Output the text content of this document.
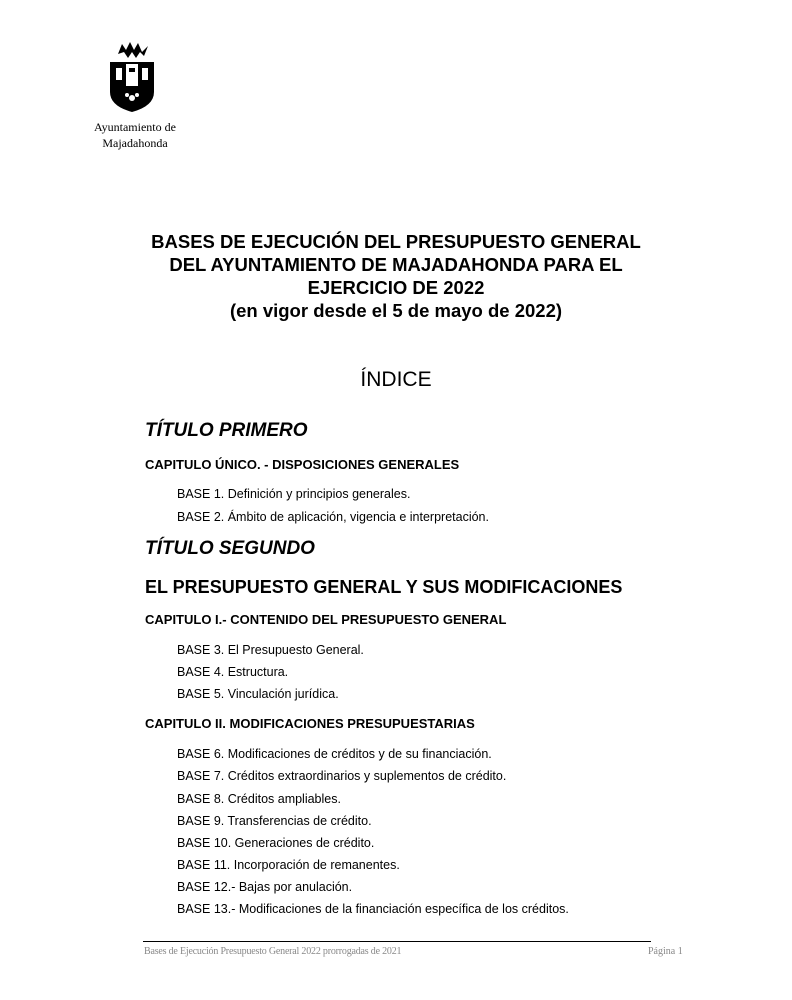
Ayuntamiento de
Majadahonda
BASES DE EJECUCIÓN DEL PRESUPUESTO GENERAL
DEL AYUNTAMIENTO DE MAJADAHONDA PARA EL
EJERCICIO DE 2022
(en vigor desde el 5 de mayo de 2022)
ÍNDICE
TÍTULO PRIMERO
CAPITULO ÚNICO. - DISPOSICIONES GENERALES
BASE 1. Definición y principios generales.
BASE 2. Ámbito de aplicación, vigencia e interpretación.
TÍTULO SEGUNDO
EL PRESUPUESTO GENERAL Y SUS MODIFICACIONES
CAPITULO I.- CONTENIDO DEL PRESUPUESTO GENERAL
BASE 3. El Presupuesto General.
BASE 4. Estructura.
BASE 5. Vinculación jurídica.
CAPITULO II. MODIFICACIONES PRESUPUESTARIAS
BASE 6. Modificaciones de créditos y de su financiación.
BASE 7. Créditos extraordinarios y suplementos de crédito.
BASE 8. Créditos ampliables.
BASE 9. Transferencias de crédito.
BASE 10. Generaciones de crédito.
BASE 11. Incorporación de remanentes.
BASE 12.- Bajas por anulación.
BASE 13.- Modificaciones de la financiación específica de los créditos.
Bases de Ejecución Presupuesto General 2022 prorrogadas de 2021	Página 1
